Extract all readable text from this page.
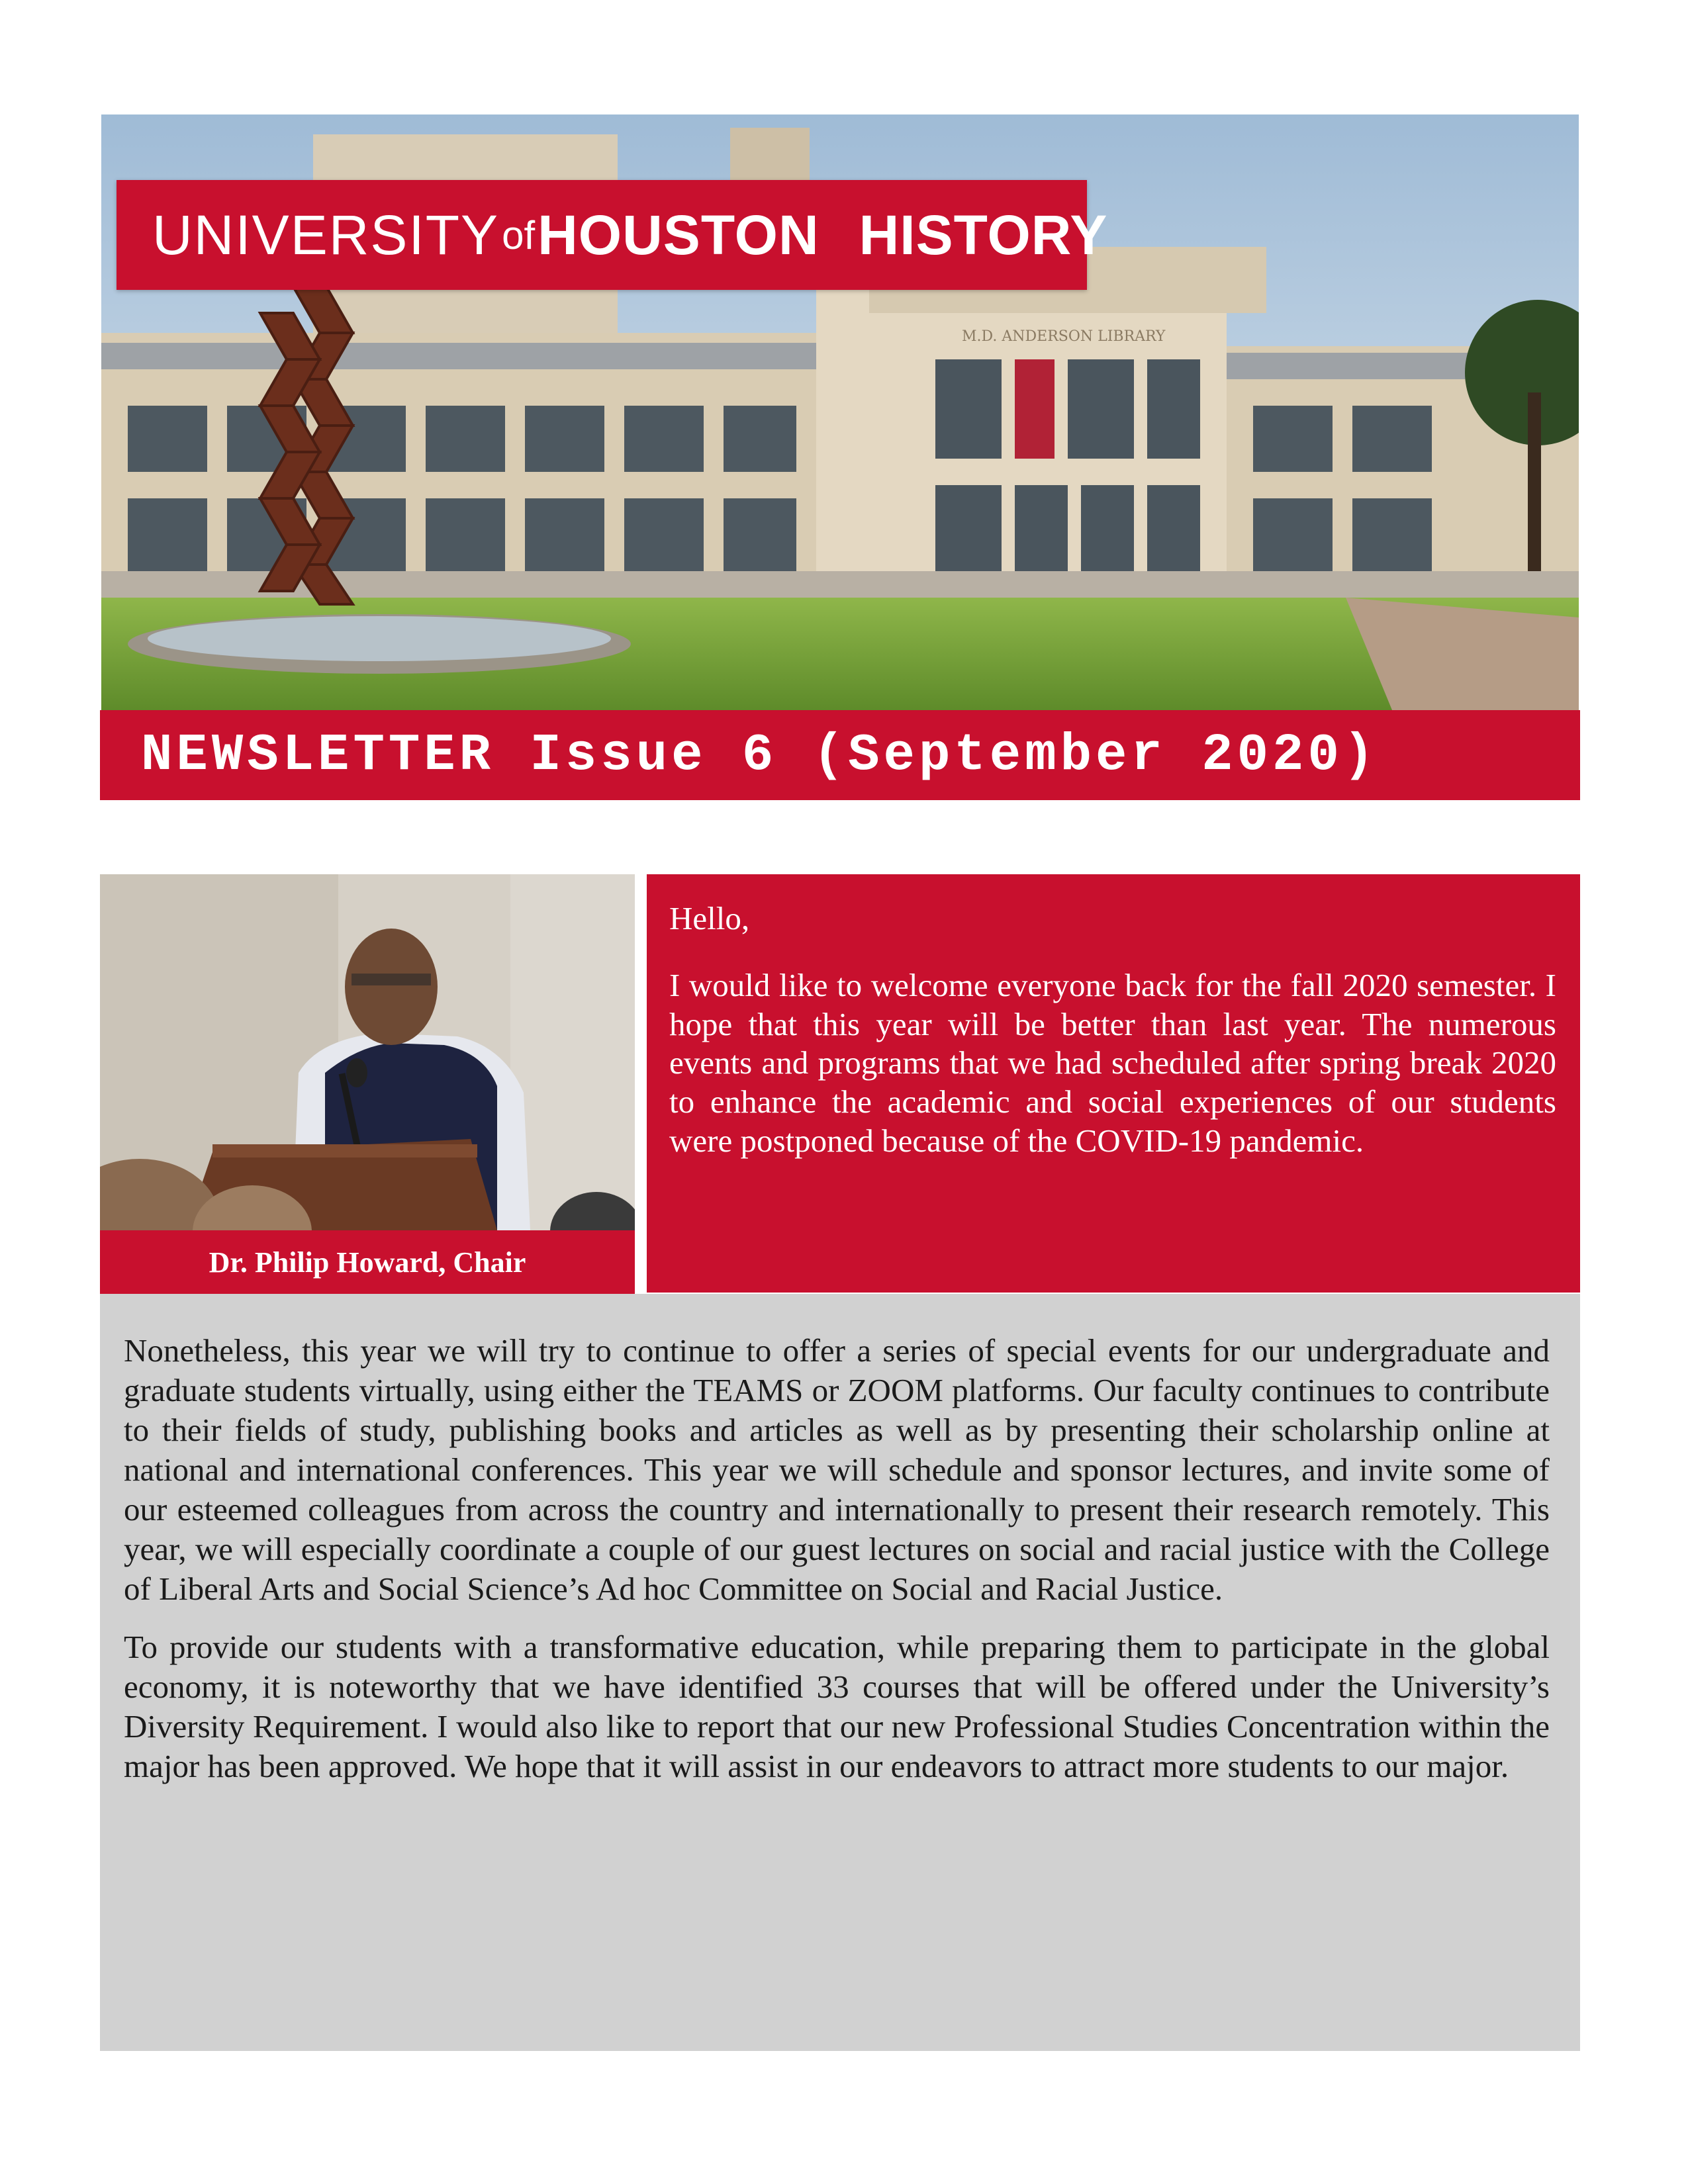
M.D. ANDERSON LIBRARY
UNIVERSITY of HOUSTON HISTORY
NEWSLETTER Issue 6 (September 2020)
Dr. Philip Howard, Chair

Hello,

I would like to welcome everyone back for the fall 2020 semester. I hope that this year will be better than last year. The numerous events and programs that we had scheduled after spring break 2020 to enhance the academic and social experiences of our students were postponed because of the COVID-19 pandemic.

Nonetheless, this year we will try to continue to offer a series of special events for our undergraduate and graduate students virtually, using either the TEAMS or ZOOM platforms. Our faculty continues to contribute to their fields of study, publishing books and articles as well as by presenting their scholarship online at national and international conferences. This year we will schedule and sponsor lectures, and invite some of our esteemed colleagues from across the country and internationally to present their research remotely. This year, we will especially coordinate a couple of our guest lectures on social and racial justice with the College of Liberal Arts and Social Science’s Ad hoc Committee on Social and Racial Justice.

To provide our students with a transformative education, while preparing them to participate in the global economy, it is noteworthy that we have identified 33 courses that will be offered under the University’s Diversity Requirement. I would also like to report that our new Professional Studies Concentration within the major has been approved. We hope that it will assist in our endeavors to attract more students to our major.
